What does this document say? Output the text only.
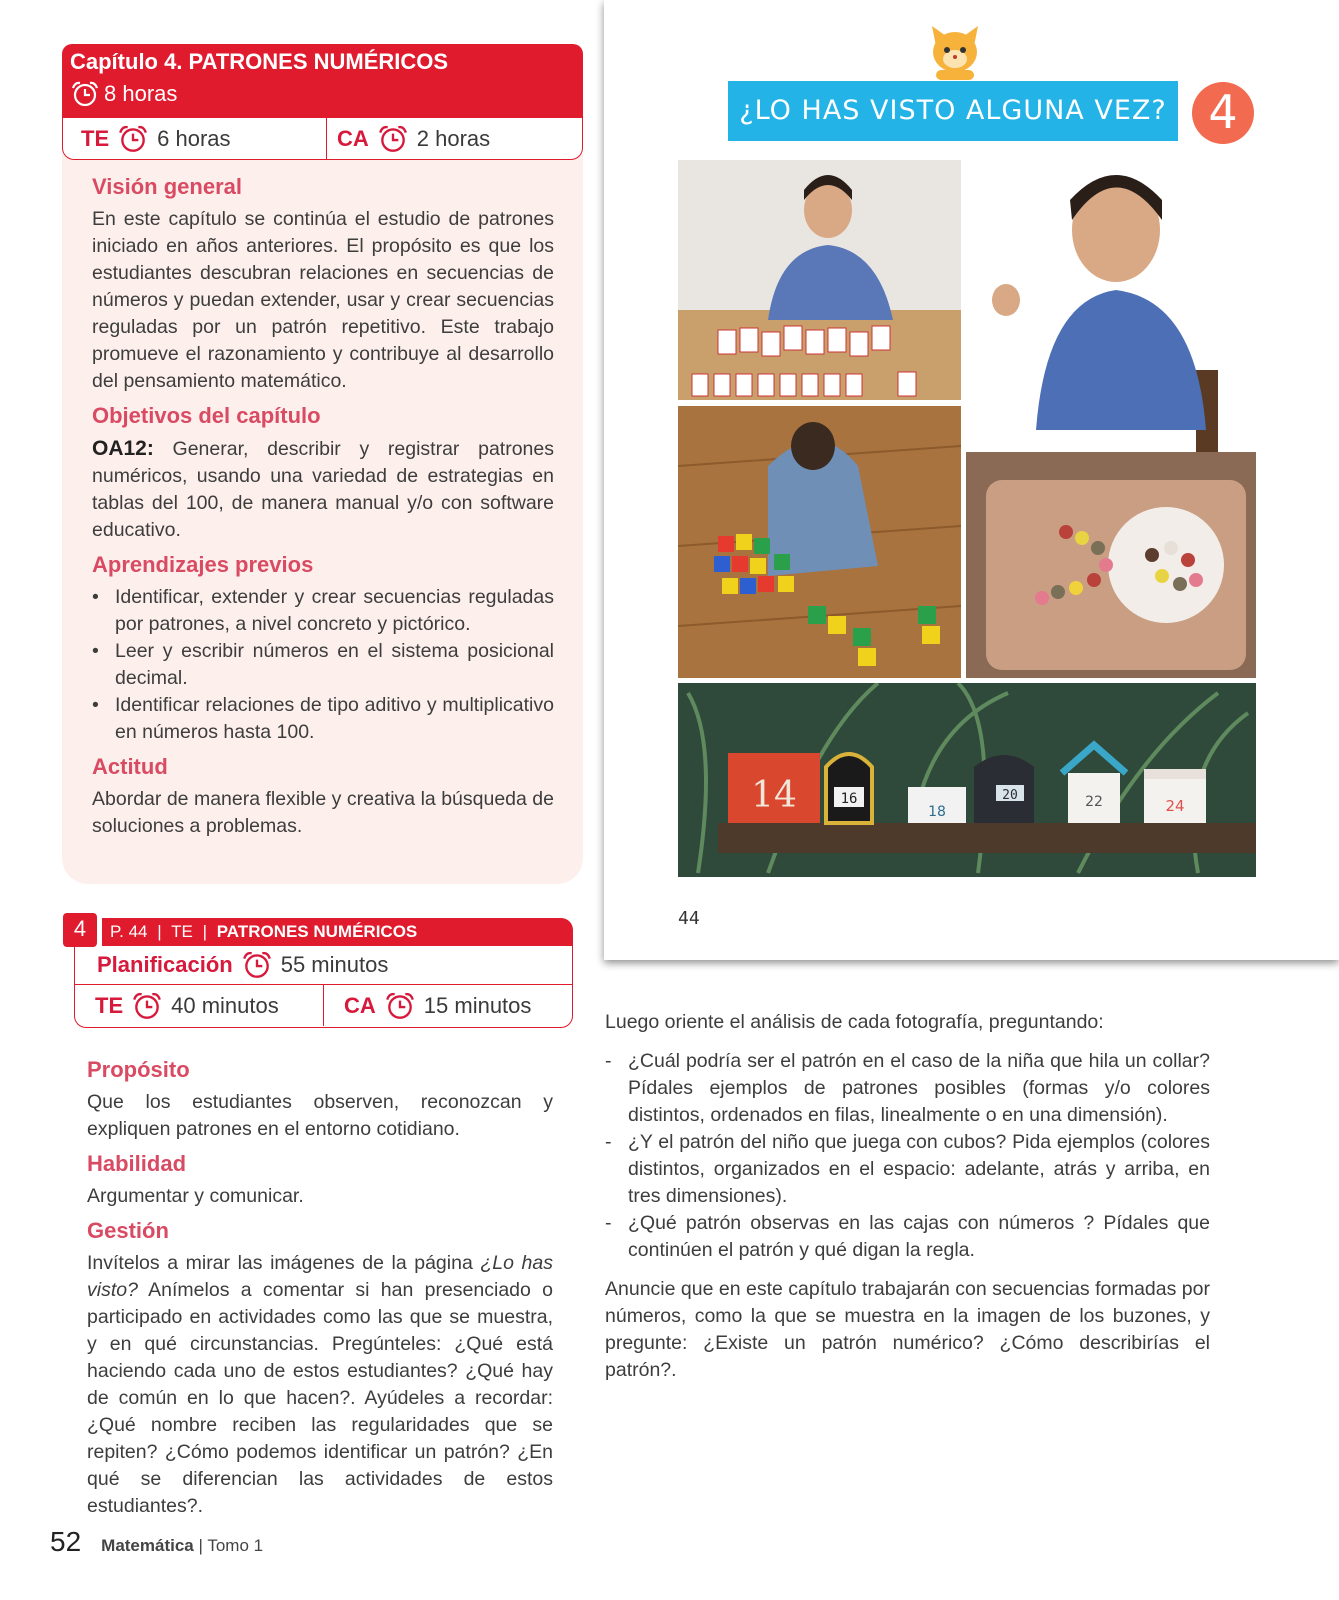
Capítulo 4. PATRONES NUMÉRICOS
8 horas
TE 6 horas	CA 2 horas
Visión general

En este capítulo se continúa el estudio de patrones iniciado en años anteriores. El propósito es que los estudiantes descubran relaciones en secuencias de números y puedan extender, usar y crear secuencias reguladas por un patrón repetitivo. Este trabajo promueve el razonamiento y contribuye al desarrollo del pensamiento matemático.

Objetivos del capítulo

OA12: Generar, describir y registrar patrones numéricos, usando una variedad de estrategias en tablas del 100, de manera manual y/o con software educativo.

Aprendizajes previos
• Identificar, extender y crear secuencias reguladas por patrones, a nivel concreto y pictórico.
• Leer y escribir números en el sistema posicional decimal.
• Identificar relaciones de tipo aditivo y multiplicativo en números hasta 100.
Actitud

Abordar de manera flexible y creativa la búsqueda de soluciones a problemas.

4	P. 44 | TE | PATRONES NUMÉRICOS
Planificación 55 minutos
TE 40 minutos	CA 15 minutos
Propósito

Que los estudiantes observen, reconozcan y expliquen patrones en el entorno cotidiano.

Habilidad

Argumentar y comunicar.

Gestión

Invítelos a mirar las imágenes de la página ¿Lo has visto? Anímelos a comentar si han presenciado o participado en actividades como las que se muestra, y en qué circunstancias. Pregúnteles: ¿Qué está haciendo cada uno de estos estudiantes? ¿Qué hay de común en lo que hacen?. Ayúdeles a recordar: ¿Qué nombre reciben las regularidades que se repiten? ¿Cómo podemos identificar un patrón? ¿En qué se diferencian las actividades de estos estudiantes?.

¿LO HAS VISTO ALGUNA VEZ? 4
14	16
18
20	22	24
44

Luego oriente el análisis de cada fotografía, preguntando:

- ¿Cuál podría ser el patrón en el caso de la niña que hila un collar? Pídales ejemplos de patrones posibles (formas y/o colores distintos, ordenados en filas, linealmente o en una dimensión).
- ¿Y el patrón del niño que juega con cubos? Pida ejemplos (colores distintos, organizados en el espacio: adelante, atrás y arriba, en tres dimensiones).
- ¿Qué patrón observas en las cajas con números ? Pídales que continúen el patrón y qué digan la regla.

Anuncie que en este capítulo trabajarán con secuencias formadas por números, como la que se muestra en la imagen de los buzones, y pregunte: ¿Existe un patrón numérico? ¿Cómo describirías el patrón?.

52 Matemática | Tomo 1
